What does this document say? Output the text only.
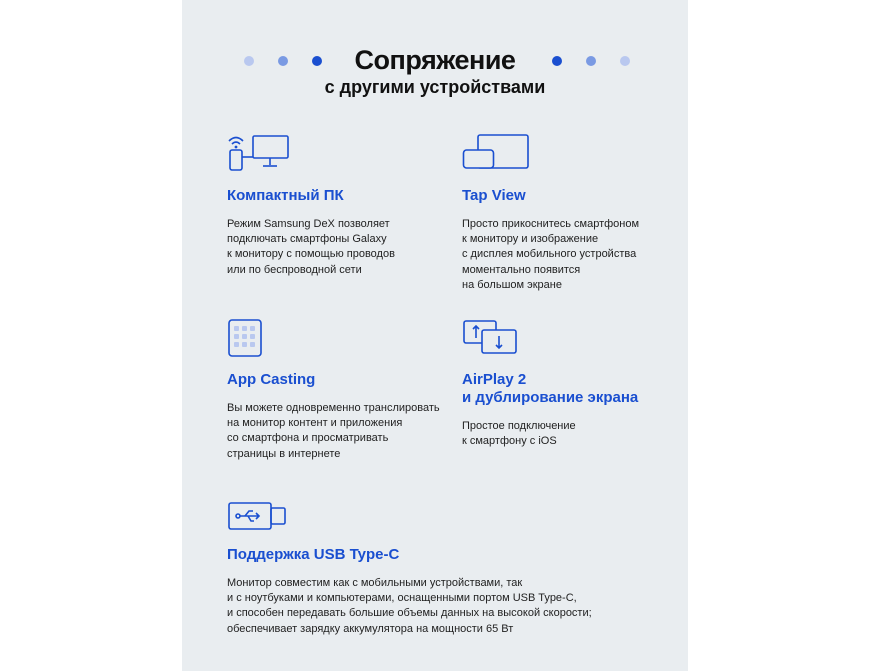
Сопряжение
с другими устройствами
Компактный ПК
Режим Samsung DeX позволяет
подключать смартфоны Galaxy
к монитору с помощью проводов
или по беспроводной сети
Tap View
Просто прикоснитесь смартфоном
к монитору и изображение
с дисплея мобильного устройства
моментально появится
на большом экране
App Casting
Вы можете одновременно транслировать
на монитор контент и приложения
со смартфона и просматривать
страницы в интернете
AirPlay 2
и дублирование экрана
Простое подключение
к смартфону с iOS
Поддержка USB Type-C
Монитор совместим как с мобильными устройствами, так
и с ноутбуками и компьютерами, оснащенными портом USB Type-C,
и способен передавать большие объемы данных на высокой скорости;
обеспечивает зарядку аккумулятора на мощности 65 Вт
